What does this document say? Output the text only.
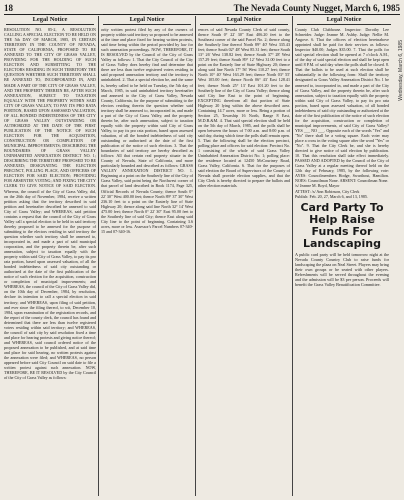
18	The Nevada County Nugget, March 6, 1985
Legal Notice	Legal Notice	Legal Notice	Legal Notice
RESOLUTION NO. 85-2, A RESOLUTION CALLING A SPECIAL ELECTION TO BE HELD ON THE 5th DAY OF MARCH, 1985, IN CERTAIN TERRITORY IN THE COUNTY OF NEVADA, STATE OF CALIFORNIA, PROPOSED TO BE ANNEXED TO THE CITY OF GRASS VALLEY, PROVIDING FOR THE HOLDING OF SUCH ELECTION AND SUBMITTING TO THE ELECTORS RESIDING IN SUCH TERRITORY THE QUESTION WHETHER SUCH TERRITORY SHALL BE ANNEXED TO, INCORPORATED IN, AND MADE A PART OF THE CITY OF GRASS VALLEY, AND THE PROPERTY THEREIN BE, AFTER SUCH ANNEXATION, SUBJECT TO TAXATION EQUALLY WITH THE PROPERTY WITHIN SAID CITY OF GRASS VALLEY, TO PAY ITS PRO RATA PORTION, BASED UPON ASSESSED VALUATION, OF ALL BONDED INDEBTEDNESS OF THE CITY OF GRASS VALLEY OUTSTANDING OR AUTHORIZED AT THE DATE OF THE FIRST PUBLICATION OF THE NOTICE OF SUCH ELECTION FOR THE ACQUISITION, CONSTRUCTION OR COMPLETION OF MUNICIPAL IMPROVEMENTS; DESCRIBING THE BOUNDARIES OF GRASS VALLEY UNINHABITED ANNEXATION DISTRICT NO. 1; DESCRIBING THE TERRITORY PROPOSED TO BE ANNEXED; DESIGNATING THE ELECTION PRECINCT, POLLING PLACE, AND OFFICERS OF ELECTION FOR SAID ELECTION; PROVIDING FOR ABSENTEE VOTING; AND FIXING THE CITY CLERK TO GIVE NOTICE OF SAID ELECTION. Whereas, the council of the City of Grass Valley, did, on the 26th day of November, 1984, receive a written petition asking that the territory described in said petition and hereinafter described be annexed to said City of Grass Valley; and WHEREAS, said petition contains a request that the council of the City of Grass Valley call a special election to be held in said territory thereby proposed to be annexed for the purpose of submitting to the electors residing in said territory the question whether such territory shall be annexed to, incorporated in, and made a part of said municipal corporation, and the property therein be, after such annexation, subject to taxation equally with the property within said City of Grass Valley, to pay its pro rata portion, based upon assessed valuation, of all the bonded indebtedness of said city outstanding or authorized at the date of the first publication of the notice of such election for the acquisition, construction or completion of municipal improvements; and WHEREAS, the council of the City of Grass Valley did, on the 10th day of December, 1984, by resolution, declare its intention to call a special election in said territory; and WHEREAS, upon filing of said petition, and ever since the filing thereof, to wit, December 10, 1984, upon examination of the registration records, and the report of the county clerk, the council has found and determined that there are less than twelve registered voters residing within said territory; and WHEREAS, the council of said city by said resolution fixed a time and place for hearing protests and giving notice thereof; and WHEREAS, said council ordered notice of the proposed annexation to be published, and at said time and place for said hearing, no written protests against the annexation were filed; and WHEREAS, no person appeared before said City Council on said date to file a written protest against such annexation. NOW, THEREFORE, BE IT RESOLVED by the City Council of the City of Grass Valley as follows:
ority written protest filed by any of the owners of property within said territory so proposed to be annexed at the time and place fixed for hearing written protests, said time being within the period provided by law for such annexation proceedings. NOW, THEREFORE, IT IS RESOLVED by the Council of the City of Grass Valley as follows: 1. That the City Council of the City of Grass Valley does hereby find and determine that there are less than twelve registered voters residing in said proposed annexation territory and the territory is uninhabited. 2. That a special election be, and the same is, hereby called to be held on Tuesday, the 5th day of March, 1985, in said uninhabited territory hereinafter and annexed to the City of Grass Valley, Nevada County, California, for the purpose of submitting to the electors residing therein the question whether said territory shall be annexed to, incorporated in, and made a part of the City of Grass Valley, and the property therein be, after such annexation, subject to taxation equally with the property within said City of Grass Valley, to pay its pro rata portion, based upon assessed valuation, of all the bonded indebtedness of said city outstanding or authorized at the date of the first publication of the notice of such election. 3. That the boundaries of said territory are hereby described as follows: All that certain real property situate in the County of Nevada, State of California, and more particularly bounded and described as follows: GRASS VALLEY ANNEXATION DISTRICT NO. 1. Beginning at a point on the Southerly line of the City of Grass Valley, said point being the Northwest corner of that parcel of land described in Book 1174, Page 325, Official Records of Nevada County; thence South 0° 22' 30" West 400.00 feet; thence North 89° 37' 30" West 236.10 feet to a point on the Easterly line of State Highway 20; thence along said line North 32° 14' West 475.00 feet; thence North 0° 22' 30" East 95.00 feet to the Southerly line of said City; thence East along said City line to the point of beginning. Containing 3.6 acres, more or less. Assessor's Parcel Numbers 07-340-15 and 07-340-16.
rences of said Nevada County Clerk of said county, thence South 0° 22' 30" East 406.20 feet to the Southeast corner of the said Parcel No. 2; thence along the Southerly line thereof North 89° 40' West 335.43 feet; thence South 02° 48' West 85.31 feet; thence South 13° 26' West 138.82 feet; thence South 37° 28' West 157.29 feet; thence South 89° 12' West 31.00 feet to a point on the Easterly line of State Highway 20; thence along said line North 17° 56' West 110.27 feet; thence North 10° 40' West 163.29 feet; thence North 03° 55' West 105.00 feet; thence North 06° 43' East 128.41 feet; thence North 25° 13' East 101.20 feet to the Southerly line of the City of Grass Valley; thence along said City line East to the point of beginning. EXCEPTING therefrom all that portion of State Highway 20 lying within the above described area. Containing 14.7 acres, more or less. Being a portion of Section 25, Township 16 North, Range 8 East, M.D.B.&M. 4. That said special election shall be held on the 5th day of March, 1985, and the polls shall be open between the hours of 7:00 a.m. and 8:00 p.m. of said day, during which time the polls shall remain open. 5. That the following shall be the election precinct, polling place and officers for said election: Precinct No. 1 consisting of the whole of said Grass Valley Uninhabited Annexation District No. 1; polling place: the residence located at 12450 McCourtney Road, Grass Valley, California. 6. That for the purposes of said election the Board of Supervisors of the County of Nevada shall provide election supplies, and that the City Clerk is hereby directed to prepare the ballots and other election materials.
County Club Clubhouse. Inspector: Dorothy Lee Schneider. Judge: Jeanne M. Ashby. Judge: Nellie M. Angove. 6. That the officers of election hereinabove appointed shall be paid for their services as follows: Inspector $40.00; Judges $35.00. 7. That the polls for said special election shall be opened at 7 o'clock A.M., of the day of said special election and shall be kept open until 8 P.M. of said day when the polls shall be closed. 8. That the ballots to be used at such election shall be substantially in the following form: Shall the territory designated as Grass Valley Annexation District No. 1 be annexed to, incorporated in, and made a part of the City of Grass Valley, and the property therein be, after such annexation, subject to taxation equally with the property within said City of Grass Valley, to pay its pro rata portion, based upon assessed valuation, of all bonded indebtedness of said city outstanding or authorized at the date of the first publication of the notice of such election for the acquisition, construction or completion of municipal improvements, of said City of Grass Valley? YES ___ NO ___. Opposite each of the words "Yes" and "No" there shall be a voting square. Each voter may place a cross in the voting square after the word "Yes" or "No". 9. That the City Clerk be, and she is hereby directed to give notice of said election by publication. 10. That this resolution shall take effect immediately. PASSED AND ADOPTED by the Council of the City of Grass Valley at a regular meeting thereof held on the 12th day of February, 1985, by the following vote: AYES: Councilmembers Hodge, Swarthout, Hamilton. NOES: Councilman None. ABSENT: Councilman None.
/s/ Jeanne M. Boyd, Mayor
ATTEST: /s/ Ann Robinson, City Clerk
Publish: Feb. 20, 27, March 6, and 13, 1985.
Card Party To Help Raise Funds For Landscaping
A public card party will be held tomorrow night at the Nevada County Country Club to raise funds for landscaping the plaza on Neal Street. Players may bring their own groups or be seated with other players. Refreshments will be served throughout the evening and the admission will be $3 per person. Proceeds will benefit the Grass Valley Beautification Committee.
Wednesday, March 6, 1985
